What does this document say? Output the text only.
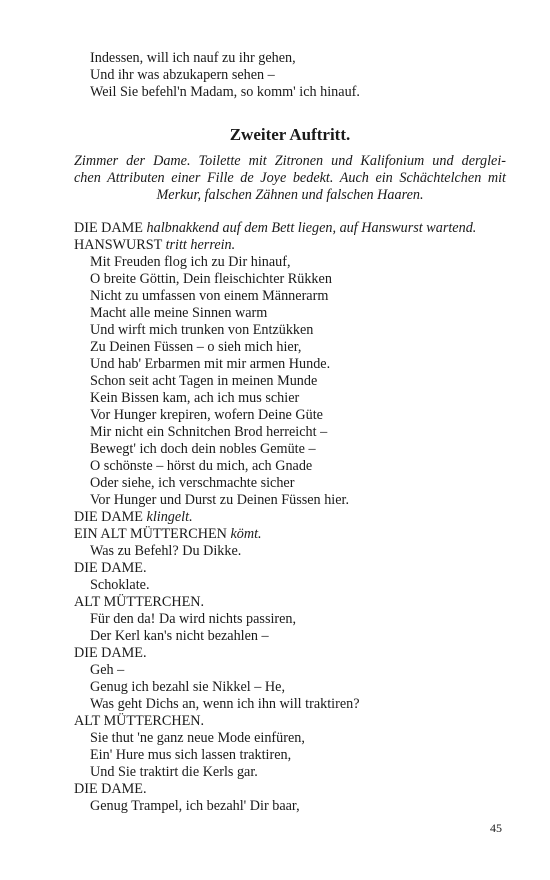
Indessen, will ich nauf zu ihr gehen,
Und ihr was abzukapern sehen –
Weil Sie befehl'n Madam, so komm' ich hinauf.
Zweiter Auftritt.
Zimmer der Dame. Toilette mit Zitronen und Kalifonium und derglei-
chen Attributen einer Fille de Joye bedekt. Auch ein Schächtelchen mit
Merkur, falschen Zähnen und falschen Haaren.
DIE DAME halbnakkend auf dem Bett liegen, auf Hanswurst wartend.
HANSWURST tritt herrein.
Mit Freuden flog ich zu Dir hinauf,
O breite Göttin, Dein fleischichter Rükken
Nicht zu umfassen von einem Männerarm
Macht alle meine Sinnen warm
Und wirft mich trunken von Entzükken
Zu Deinen Füssen – o sieh mich hier,
Und hab' Erbarmen mit mir armen Hunde.
Schon seit acht Tagen in meinen Munde
Kein Bissen kam, ach ich mus schier
Vor Hunger krepiren, wofern Deine Güte
Mir nicht ein Schnitchen Brod herreicht –
Bewegt' ich doch dein nobles Gemüte –
O schönste – hörst du mich, ach Gnade
Oder siehe, ich verschmachte sicher
Vor Hunger und Durst zu Deinen Füssen hier.
DIE DAME klingelt.
EIN ALT MÜTTERCHEN kömt.
Was zu Befehl? Du Dikke.
DIE DAME.
Schoklate.
ALT MÜTTERCHEN.
Für den da! Da wird nichts passiren,
Der Kerl kan's nicht bezahlen –
DIE DAME.
Geh –
Genug ich bezahl sie Nikkel – He,
Was geht Dichs an, wenn ich ihn will traktiren?
ALT MÜTTERCHEN.
Sie thut 'ne ganz neue Mode einfüren,
Ein' Hure mus sich lassen traktiren,
Und Sie traktirt die Kerls gar.
DIE DAME.
Genug Trampel, ich bezahl' Dir baar,
45
